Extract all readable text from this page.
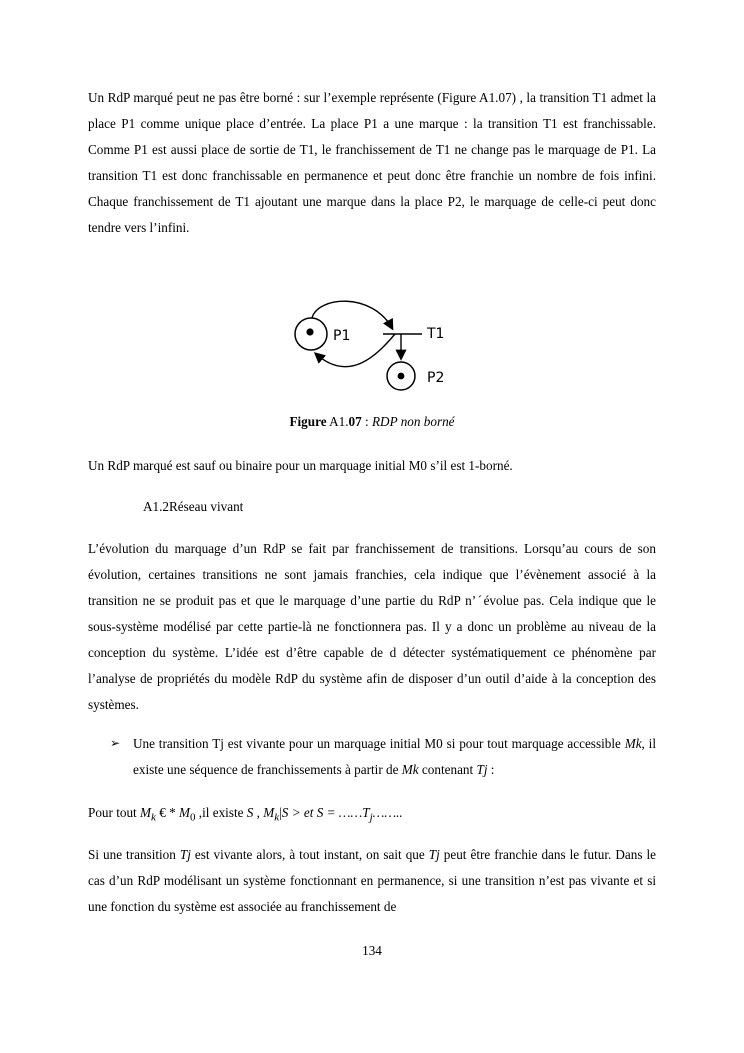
Un RdP marqué peut ne pas être borné : sur l’exemple représente (Figure A1.07) , la transition T1 admet la place P1 comme unique place d’entrée. La place P1 a une marque : la transition T1 est franchissable. Comme P1 est aussi place de sortie de T1, le franchissement de T1 ne change pas le marquage de P1. La transition T1 est donc franchissable en permanence et peut donc être franchie un nombre de fois infini. Chaque franchissement de T1 ajoutant une marque dans la place P2, le marquage de celle-ci peut donc tendre vers l’infini.

P1	T1
P2
Figure A1.07 : RDP non borné

Un RdP marqué est sauf ou binaire pour un marquage initial M0 s’il est 1-borné.

A1.2Réseau vivant

L’évolution du marquage d’un RdP se fait par franchissement de transitions. Lorsqu’au cours de son évolution, certaines transitions ne sont jamais franchies, cela indique que l’évènement associé à la transition ne se produit pas et que le marquage d’une partie du RdP n’ˊévolue pas. Cela indique que le sous-système modélisé par cette partie-là ne fonctionnera pas. Il y a donc un problème au niveau de la conception du système. L’idée est d’être capable de d détecter systématiquement ce phénomène par l’analyse de propriétés du modèle RdP du système afin de disposer d’un outil d’aide à la conception des systèmes.

➢ Une transition Tj est vivante pour un marquage initial M0 si pour tout marquage accessible Mk, il existe une séquence de franchissements à partir de Mk contenant Tj :

Pour tout $M_k$ € * $M_0$ ,il existe S , $M_k|S$ > et $S = \dots\dots T_j\dots\dots$..

Si une transition Tj est vivante alors, à tout instant, on sait que Tj peut être franchie dans le futur. Dans le cas d’un RdP modélisant un système fonctionnant en permanence, si une transition n’est pas vivante et si une fonction du système est associée au franchissement de

134
